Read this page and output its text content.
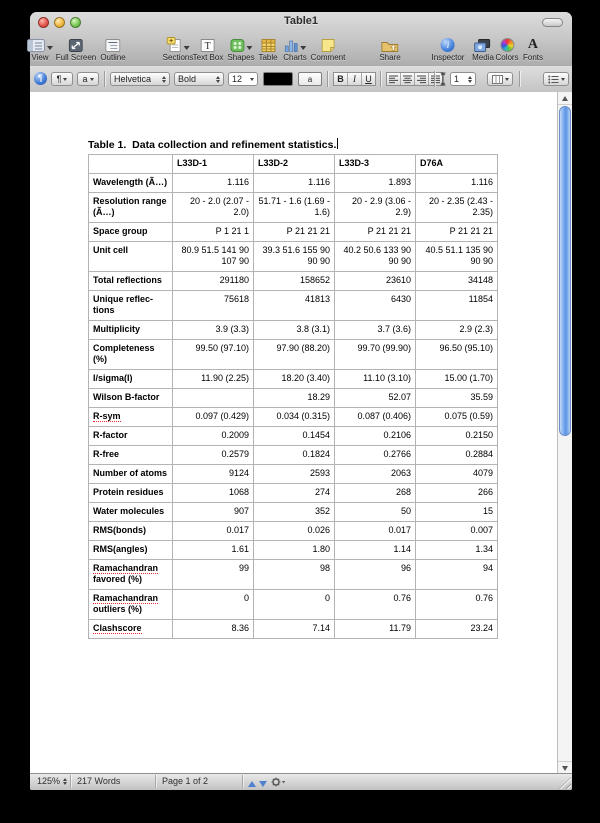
Table1
View Full Screen Outline	Sections
T
Text Box Shapes Table Charts Comment	Share
i
Inspector Media Colors
A
Fonts
¶	¶ a	Helvetica	Bold	12	a	B	I	U	1
Table 1.  Data collection and refinement statistics.
	L33D-1	L33D-2	L33D-3	D76A
Wavelength (Ã…)	1.116	1.116	1.893	1.116
Resolution range (Ã…)	20 - 2.0 (2.07 - 2.0)	51.71 - 1.6 (1.69 - 1.6)	20 - 2.9 (3.06 - 2.9)	20 - 2.35 (2.43 - 2.35)
Space group	P 1 21 1	P 21 21 21	P 21 21 21	P 21 21 21
Unit cell	80.9 51.5 141 90 107 90	39.3 51.6 155 90 90 90	40.2 50.6 133 90 90 90	40.5 51.1 135 90 90 90
Total reflections	291180	158652	23610	34148
Unique reflections	75618	41813	6430	11854
Multiplicity	3.9 (3.3)	3.8 (3.1)	3.7 (3.6)	2.9 (2.3)
Completeness (%)	99.50 (97.10)	97.90 (88.20)	99.70 (99.90)	96.50 (95.10)
I/sigma(I)	11.90 (2.25)	18.20 (3.40)	11.10 (3.10)	15.00 (1.70)
Wilson B-factor		18.29	52.07	35.59
R-sym	0.097 (0.429)	0.034 (0.315)	0.087 (0.406)	0.075 (0.59)
R-factor	0.2009	0.1454	0.2106	0.2150
R-free	0.2579	0.1824	0.2766	0.2884
Number of atoms	9124	2593	2063	4079
Protein residues	1068	274	268	266
Water molecules	907	352	50	15
RMS(bonds)	0.017	0.026	0.017	0.007
RMS(angles)	1.61	1.80	1.14	1.34
Ramachandran favored (%)	99	98	96	94
Ramachandran outliers (%)	0	0	0.76	0.76
Clashscore	8.36	7.14	11.79	23.24
125% 217 Words	Page 1 of 2
